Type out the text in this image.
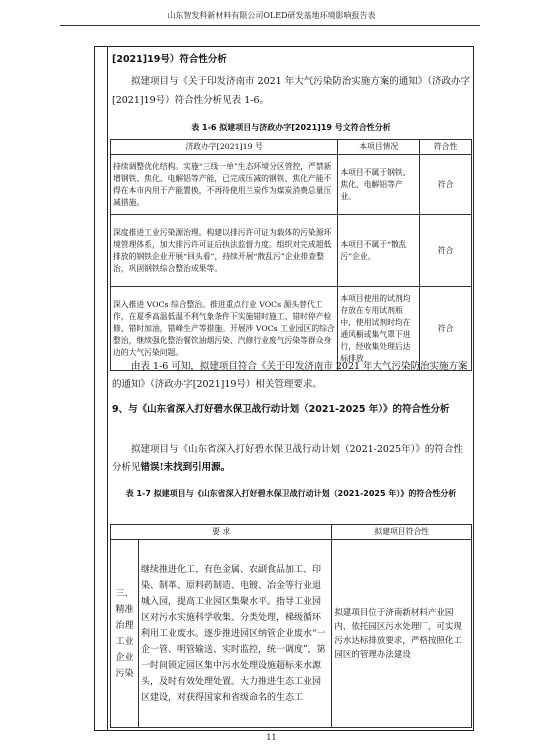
山东智发科新材料有限公司OLED研发基地环境影响报告表
[2021]19号）符合性分析
拟建项目与《关于印发济南市 2021 年大气污染防治实施方案的通知》（济政办字[2021]19号）符合性分析见表 1-6。
表 1-6 拟建项目与济政办字[2021]19 号文符合性分析
济政办字[2021]19 号	本项目情况	符合性
持续调整优化结构。实施“三线一单”生态环境分区管控，严禁新增钢铁、焦化、电解铝等产能，已完成压减的钢铁、焦化产能不得在本市内用于产能置换，不再待使用兰炭作为煤炭消费总量压减措施。	本项目不属于钢铁、焦化、电解铝等产业。	符合
深度推进工业污染源治理。构建以排污许可证为载体的污染源环境管理体系，加大排污许可证后执法监督力度。组织对完成超低排放的钢铁企业开展“回头看”，持续开展“散乱污”企业排查整治，巩固钢铁综合整治成果等。	本项目不属于“散乱污”企业。	符合
深入推进 VOCs 综合整治。推进重点行业 VOCs 源头替代工作，在夏季高温低温不利气象条件下实施错时施工、错时停产检修、错时加油，错峰生产等措施。开展涉 VOCs 工业园区的综合整治，继续强化整治餐饮油烟污染、汽修行业废气污染等群众身边的大气污染问题。	本项目使用的试剂均存放在专用试剂瓶中，使用试剂时均在通风橱或集气罩下进行，经收集处理后达标排放	符合
由表 1-6 可知，拟建项目符合《关于印发济南市 2021 年大气污染防治实施方案的通知》（济政办字[2021]19号）相关管理要求。
9、与《山东省深入打好碧水保卫战行动计划（2021-2025 年）》的符合性分析
拟建项目与《山东省深入打好碧水保卫战行动计划（2021-2025年）》的符合性分析见错误!未找到引用源。
表 1-7 拟建项目与《山东省深入打好碧水保卫战行动计划（2021-2025 年）》的符合性分析
要 求		拟建项目符合性
三、精准治理工业企业污染	继续推进化工、有色金属、农副食品加工、印染、制革、原料药制造、电镀、冶金等行业退城入园，提高工业园区集聚水平。指导工业园区对污水实施科学收集、分类处理，梯级循环利用工业废水。逐步推进园区纳管企业废水“一企一管、明管输送、实时监控，统一调度”，第一时间锁定园区集中污水处理设施超标来水源头，及时有效处理处置。大力推进生态工业园区建设，对获得国家和省级命名的生态工	拟建项目位于济南新材料产业园内，依托园区污水处理厂，可实现污水达标排放要求，严格按照化工园区的管理办法建设
11
